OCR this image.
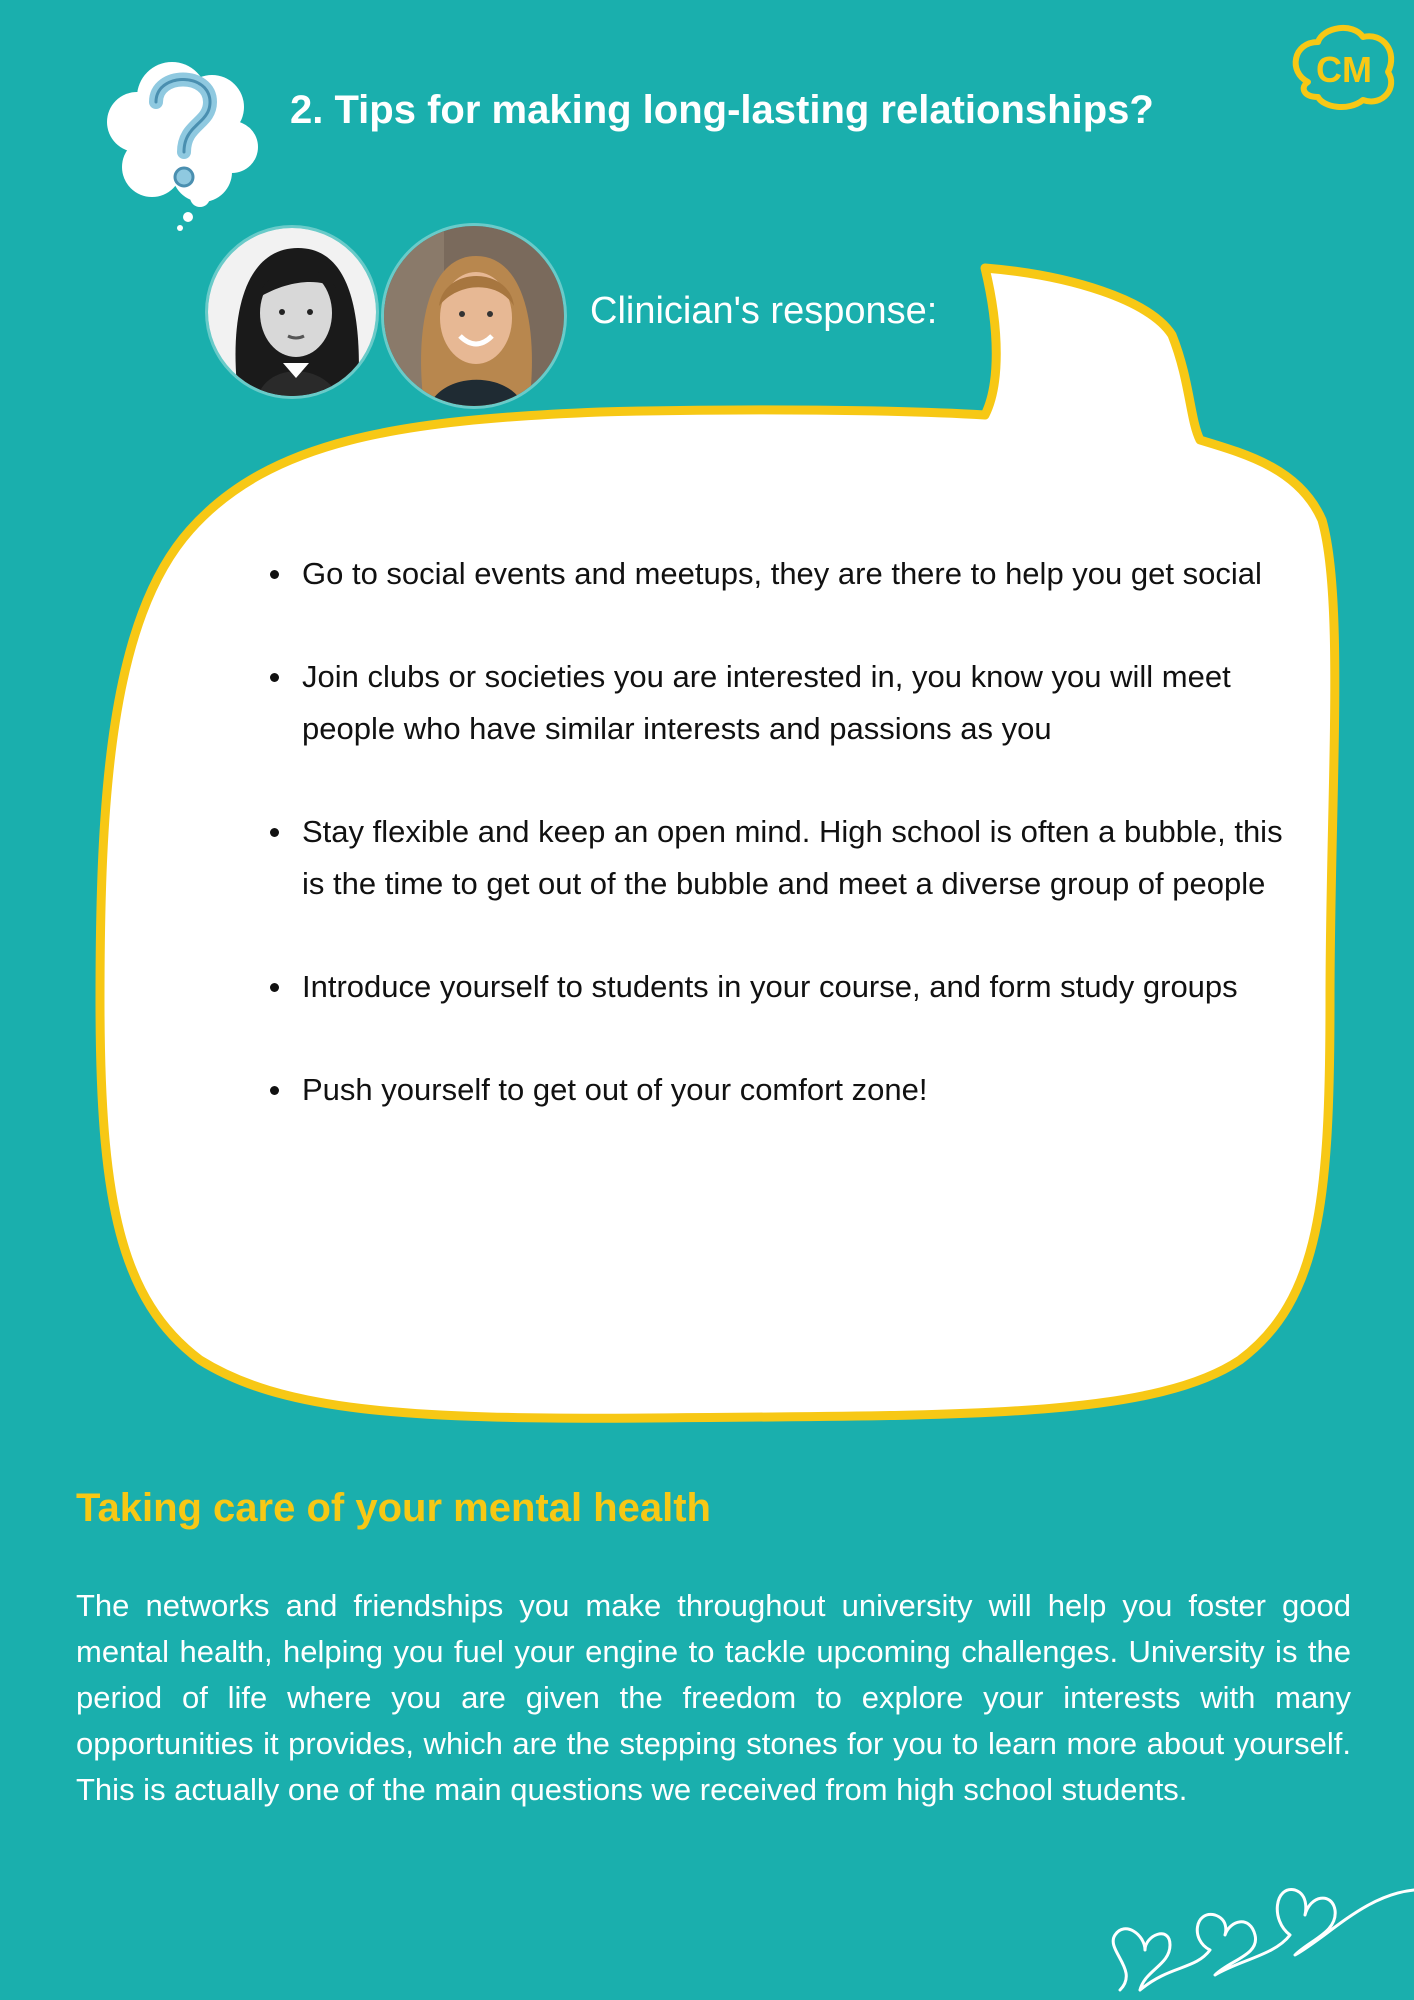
2. Tips for making long-lasting relationships?
CM
Clinician's response:
Go to social events and meetups, they are there to help you get social
Join clubs or societies you are interested in, you know you will meet people who have similar interests and passions as you
Stay flexible and keep an open mind. High school is often a bubble, this is the time to get out of the bubble and meet a diverse group of people
Introduce yourself to students in your course, and form study groups
Push yourself to get out of your comfort zone!
Taking care of your mental health

The networks and friendships you make throughout university will help you foster good mental health, helping you fuel your engine to tackle upcoming challenges. University is the period of life where you are given the freedom to explore your interests with many opportunities it provides, which are the stepping stones for you to learn more about yourself. This is actually one of the main questions we received from high school students.
